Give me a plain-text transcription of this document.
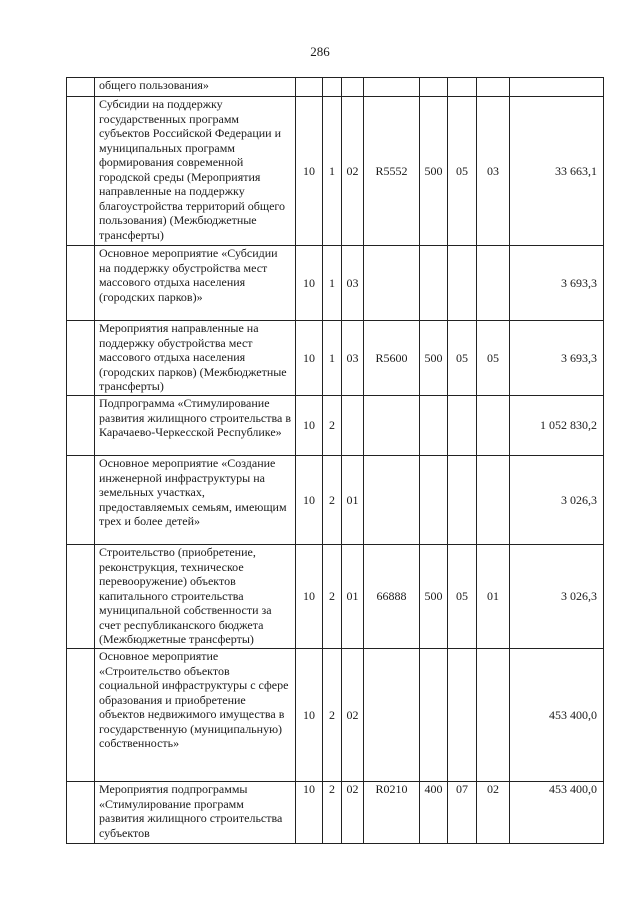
286
	общего пользования»								
	Субсидии на поддержку государственных программ субъектов Российской Федерации и муниципальных программ формирования современной городской среды (Мероприятия направленные на поддержку благоустройства территорий общего пользования) (Межбюджетные трансферты)	10	1	02	R5552	500	05	03	33 663,1
	Основное мероприятие «Субсидии на поддержку обустройства мест массового отдыха населения (городских парков)»	10	1	03					3 693,3
	Мероприятия направленные на поддержку обустройства мест массового отдыха населения (городских парков) (Межбюджетные трансферты)	10	1	03	R5600	500	05	05	3 693,3
	Подпрограмма «Стимулирование развития жилищного строительства в Карачаево-Черкесской Республике»	10	2						1 052 830,2
	Основное мероприятие «Создание инженерной инфраструктуры на земельных участках, предоставляемых семьям, имеющим трех и более детей»	10	2	01					3 026,3
	Строительство (приобретение, реконструкция, техническое перевооружение) объектов капитального строительства муниципальной собственности за счет республиканского бюджета (Межбюджетные трансферты)	10	2	01	66888	500	05	01	3 026,3
	Основное мероприятие «Строительство объектов социальной инфраструктуры с сфере образования и приобретение объектов недвижимого имущества в государственную (муниципальную) собственность»	10	2	02					453 400,0
	Мероприятия подпрограммы «Стимулирование программ развития жилищного строительства субъектов	10	2	02	R0210	400	07	02	453 400,0
